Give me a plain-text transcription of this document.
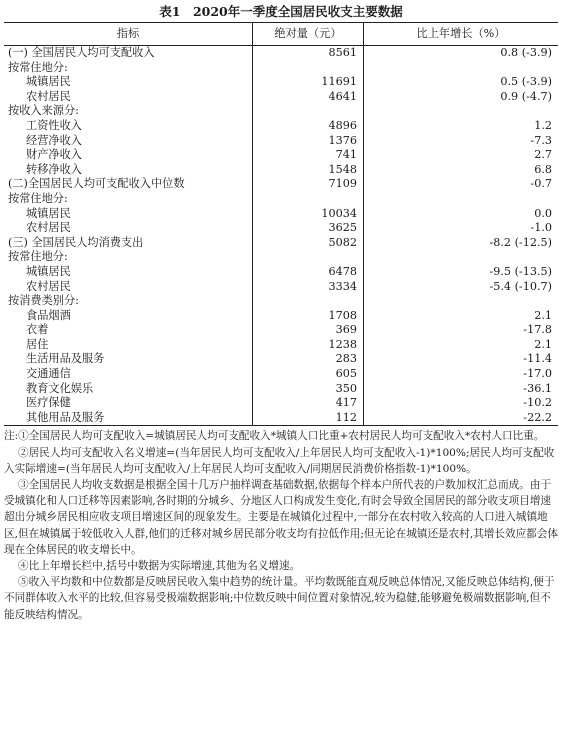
表1　2020年一季度全国居民收支主要数据
指标	绝对量（元）	比上年增长（%）
(一) 全国居民人均可支配收入	8561	0.8 (-3.9)
按常住地分:		
城镇居民	11691	0.5 (-3.9)
农村居民	4641	0.9 (-4.7)
按收入来源分:		
工资性收入	4896	1.2
经营净收入	1376	-7.3
财产净收入	741	2.7
转移净收入	1548	6.8
(二)全国居民人均可支配收入中位数	7109	-0.7
按常住地分:		
城镇居民	10034	0.0
农村居民	3625	-1.0
(三) 全国居民人均消费支出	5082	-8.2 (-12.5)
按常住地分:		
城镇居民	6478	-9.5 (-13.5)
农村居民	3334	-5.4 (-10.7)
按消费类别分:		
食品烟酒	1708	2.1
衣着	369	-17.8
居住	1238	2.1
生活用品及服务	283	-11.4
交通通信	605	-17.0
教育文化娱乐	350	-36.1
医疗保健	417	-10.2
其他用品及服务	112	-22.2

注:①全国居民人均可支配收入=城镇居民人均可支配收入*城镇人口比重+农村居民人均可支配收入*农村人口比重。

②居民人均可支配收入名义增速=(当年居民人均可支配收入/上年居民人均可支配收入-1)*100%;居民人均可支配收入实际增速=(当年居民人均可支配收入/上年居民人均可支配收入/同期居民消费价格指数-1)*100%。

③全国居民人均收支数据是根据全国十几万户抽样调查基础数据,依据每个样本户所代表的户数加权汇总而成。由于受城镇化和人口迁移等因素影响,各时期的分城乡、分地区人口构成发生变化,有时会导致全国居民的部分收支项目增速超出分城乡居民相应收支项目增速区间的现象发生。主要是在城镇化过程中,一部分在农村收入较高的人口进入城镇地区,但在城镇属于较低收入人群,他们的迁移对城乡居民部分收支均有拉低作用;但无论在城镇还是农村,其增长效应都会体现在全体居民的收支增长中。

④比上年增长栏中,括号中数据为实际增速,其他为名义增速。

⑤收入平均数和中位数都是反映居民收入集中趋势的统计量。平均数既能直观反映总体情况,又能反映总体结构,便于不同群体收入水平的比较,但容易受极端数据影响;中位数反映中间位置对象情况,较为稳健,能够避免极端数据影响,但不能反映结构情况。
